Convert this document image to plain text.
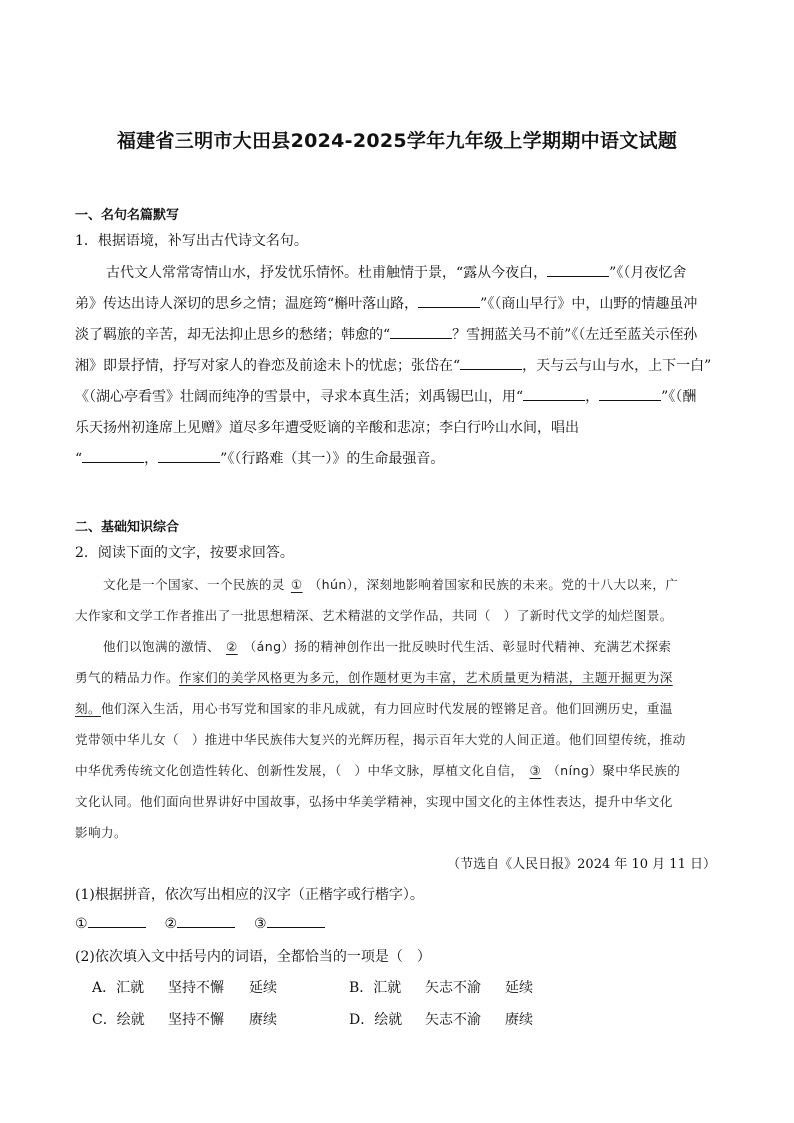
福建省三明市大田县2024-2025学年九年级上学期期中语文试题
一、名句名篇默写
1．根据语境，补写出古代诗文名句。
古代文人常常寄情山水，抒发忧乐情怀。杜甫触情于景，“露从今夜白，	”《（月夜忆舍
弟》传达出诗人深切的思乡之情；温庭筠“槲叶落山路，	”《（商山早行》中，山野的情趣虽冲
淡了羁旅的辛苦，却无法抑止思乡的愁绪；韩愈的“	？雪拥蓝关马不前”《（左迁至蓝关示侄孙
湘》即景抒情，抒写对家人的眷恋及前途未卜的忧虑；张岱在“	，天与云与山与水，上下一白”
《（湖心亭看雪》壮阔而纯净的雪景中，寻求本真生活；刘禹锡巴山，用“	，	”《（酬
乐天扬州初逢席上见赠》道尽多年遭受贬谪的辛酸和悲凉；李白行吟山水间，唱出
“	，	”《（行路难（其一）》的生命最强音。
二、基础知识综合
2．阅读下面的文字，按要求回答。
文化是一个国家、一个民族的灵 ① （hún），深刻地影响着国家和民族的未来。党的十八大以来，广
大作家和文学工作者推出了一批思想精深、艺术精湛的文学作品，共同（　）了新时代文学的灿烂图景。
他们以饱满的激情、 ② （áng）扬的精神创作出一批反映时代生活、彰显时代精神、充满艺术探索
勇气的精品力作。作家们的美学风格更为多元，创作题材更为丰富，艺术质量更为精湛，主题开掘更为深
刻。他们深入生活，用心书写党和国家的非凡成就，有力回应时代发展的铿锵足音。他们回溯历史，重温
党带领中华儿女（　）推进中华民族伟大复兴的光辉历程，揭示百年大党的人间正道。他们回望传统，推动
中华优秀传统文化创造性转化、创新性发展，（　）中华文脉，厚植文化自信， ③ （níng）聚中华民族的
文化认同。他们面向世界讲好中国故事，弘扬中华美学精神，实现中国文化的主体性表达，提升中华文化
影响力。
（节选自《人民日报》2024 年 10 月 11 日）
(1)根据拼音，依次写出相应的汉字（正楷字或行楷字）。
①	②	③
(2)依次填入文中括号内的词语，全都恰当的一项是（　）
A．汇就 坚持不懈 延续	B．汇就 矢志不渝 延续
C．绘就 坚持不懈 赓续	D．绘就 矢志不渝 赓续
